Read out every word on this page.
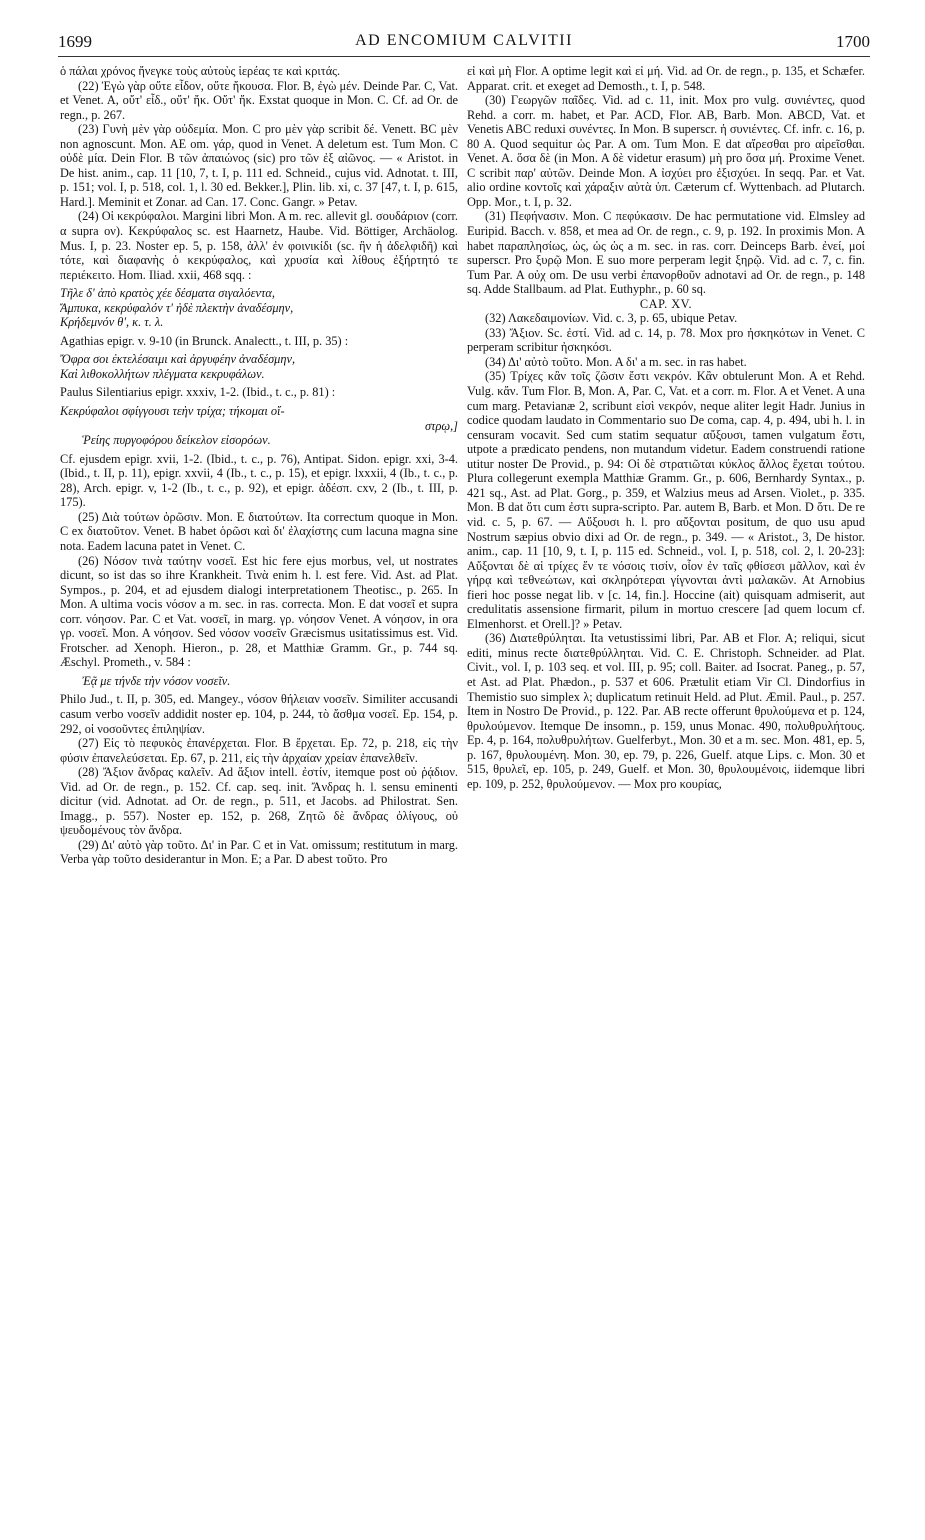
1699	AD ENCOMIUM CALVITII	1700
ὁ πάλαι χρόνος ἤνεγκε τοὺς αὐτοὺς ἱερέας τε καὶ κριτάς.
(22) Ἐγὼ γὰρ οὔτε εἶδον, οὔτε ἤκουσα. Flor. B, ἐγὼ μέν. Deinde Par. C, Vat. et Venet. A, οὔτ' εἶδ., οὔτ' ἤκ. Οὔτ' ἤκ. Exstat quoque in Mon. C. Cf. ad Or. de regn., p. 267.
(23) Γυνὴ μὲν γὰρ οὐδεμία. Mon. C pro μὲν γὰρ scribit δέ. Venett. BC μὲν non agnoscunt. Mon. AE om. γάρ, quod in Venet. A deletum est. Tum Mon. C οὐδὲ μία. Dein Flor. B τῶν ἀπαιώνος (sic) pro τῶν ἐξ αἰῶνος. — « Aristot. in De hist. anim., cap. 11 [10, 7, t. I, p. 111 ed. Schneid., cujus vid. Adnotat. t. III, p. 151; vol. I, p. 518, col. 1, l. 30 ed. Bekker.], Plin. lib. xi, c. 37 [47, t. I, p. 615, Hard.]. Meminit et Zonar. ad Can. 17. Conc. Gangr. » Petav.
(24) Οἱ κεκρύφαλοι. Margini libri Mon. A m. rec. allevit gl. σουδάριον (corr. α supra ον). Κεκρύφαλος sc. est Haarnetz, Haube. Vid. Böttiger, Archäolog. Mus. I, p. 23. Noster ep. 5, p. 158, ἀλλ' ἐν φοινικίδι (sc. ἣν ἡ ἀδελφιδῆ) καὶ τότε, καὶ διαφανὴς ὁ κεκρύφαλος, καὶ χρυσία καὶ λίθους ἐξήρτητό τε περιέκειτο. Hom. Iliad. xxii, 468 sqq. :
Τῆλε δ' ἀπὸ κρατὸς χέε δέσματα σιγαλόεντα,
Ἄμπυκα, κεκρύφαλόν τ' ἠδὲ πλεκτὴν ἀναδέσμην,
Κρήδεμνόν θ', κ. τ. λ.
Agathias epigr. v. 9-10 (in Brunck. Analectt., t. III, p. 35) :
Ὄφρα σοι ἐκτελέσαιμι καὶ ἀργυφέην ἀναδέσμην,
Καὶ λιθοκολλήτων πλέγματα κεκρυφάλων.
Paulus Silentiarius epigr. xxxiv, 1-2. (Ibid., t. c., p. 81) :
Κεκρύφαλοι σφίγγουσι τεὴν τρίχα; τήκομαι οἴ-
στρῳ,]
Ῥείης πυργοφόρου δείκελον εἰσορόων.
Cf. ejusdem epigr. xvii, 1-2. (Ibid., t. c., p. 76), Antipat. Sidon. epigr. xxi, 3-4. (Ibid., t. II, p. 11), epigr. xxvii, 4 (Ib., t. c., p. 15), et epigr. lxxxii, 4 (Ib., t. c., p. 28), Arch. epigr. v, 1-2 (Ib., t. c., p. 92), et epigr. ἀδέσπ. cxv, 2 (Ib., t. III, p. 175).
(25) Διὰ τούτων ὁρῶσιν. Mon. E διατούτων. Ita correctum quoque in Mon. C ex διατοῦτον. Venet. B habet ὁρῶσι καὶ δι' ἐλαχίστης cum lacuna magna sine nota. Eadem lacuna patet in Venet. C.
(26) Νόσον τινὰ ταύτην νοσεῖ. Est hic fere ejus morbus, vel, ut nostrates dicunt, so ist das so ihre Krankheit. Τινὰ enim h. l. est fere. Vid. Ast. ad Plat. Sympos., p. 204, et ad ejusdem dialogi interpretationem Theotisc., p. 265. In Mon. A ultima vocis νόσον a m. sec. in ras. correcta. Mon. E dat νοσεῖ et supra corr. νόησον. Par. C et Vat. νοσεῖ, in marg. γρ. νόησον Venet. A νόησον, in ora γρ. νοσεῖ. Mon. A νόησον. Sed νόσον νοσεῖν Græcismus usitatissimus est. Vid. Frotscher. ad Xenoph. Hieron., p. 28, et Matthiæ Gramm. Gr., p. 744 sq. Æschyl. Prometh., v. 584 :
Ἐᾷ με τήνδε τὴν νόσον νοσεῖν.
Philo Jud., t. II, p. 305, ed. Mangey., νόσον θήλειαν νοσεῖν. Similiter accusandi casum verbo νοσεῖν addidit noster ep. 104, p. 244, τὸ ἄσθμα νοσεῖ. Ep. 154, p. 292, οἱ νοσοῦντες ἐπιληψίαν.
(27) Εἰς τὸ πεφυκὸς ἐπανέρχεται. Flor. B ἔρχεται. Ep. 72, p. 218, εἰς τὴν φύσιν ἐπανελεύσεται. Ep. 67, p. 211, εἰς τὴν ἀρχαίαν χρείαν ἐπανελθεῖν.
(28) Ἄξιον ἄνδρας καλεῖν. Ad ἄξιον intell. ἐστίν, itemque post οὐ ῥᾴδιον. Vid. ad Or. de regn., p. 152. Cf. cap. seq. init. Ἄνδρας h. l. sensu eminenti dicitur (vid. Adnotat. ad Or. de regn., p. 511, et Jacobs. ad Philostrat. Sen. Imagg., p. 557). Noster ep. 152, p. 268, Ζητῶ δὲ ἄνδρας ὀλίγους, οὐ ψευδομένους τὸν ἄνδρα.
(29) Δι' αὐτὸ γὰρ τοῦτο. Δι' in Par. C et in Vat. omissum; restitutum in marg. Verba γὰρ τοῦτο desiderantur in Mon. E; a Par. D abest τοῦτο. Pro
εἰ καὶ μὴ Flor. A optime legit καὶ εἰ μή. Vid. ad Or. de regn., p. 135, et Schæfer. Apparat. crit. et exeget ad Demosth., t. I, p. 548.
(30) Γεωργῶν παῖδες. Vid. ad c. 11, init. Mox pro vulg. συνιέντες, quod Rehd. a corr. m. habet, et Par. ACD, Flor. AB, Barb. Mon. ABCD, Vat. et Venetis ABC reduxi συνέντες. In Mon. B superscr. ἡ συνιέντες. Cf. infr. c. 16, p. 80 A. Quod sequitur ὡς Par. A om. Tum Mon. E dat αἴρεσθαι pro αἰρεῖσθαι. Venet. A. ὅσα δὲ (in Mon. A δὲ videtur erasum) μὴ pro ὅσα μή. Proxime Venet. C scribit παρ' αὐτῶν. Deinde Mon. A ἰσχύει pro ἐξισχύει. In seqq. Par. et Vat. alio ordine κοντοῖς καὶ χάραξιν αὐτὰ ὑπ. Cæterum cf. Wyttenbach. ad Plutarch. Opp. Mor., t. I, p. 32.
(31) Πεφήνασιν. Mon. C πεφύκασιν. De hac permutatione vid. Elmsley ad Euripid. Bacch. v. 858, et mea ad Or. de regn., c. 9, p. 192. In proximis Mon. A habet παραπλησίως, ὡς, ὡς ὡς a m. sec. in ras. corr. Deinceps Barb. ἐνεί, μοί superscr. Pro ξυρῷ Mon. E suo more perperam legit ξηρῷ. Vid. ad c. 7, c. fin. Tum Par. A οὐχ om. De usu verbi ἐπανορθοῦν adnotavi ad Or. de regn., p. 148 sq. Adde Stallbaum. ad Plat. Euthyphr., p. 60 sq.
CAP. XV.
(32) Λακεδαιμονίων. Vid. c. 3, p. 65, ubique Petav.
(33) Ἄξιον. Sc. ἐστί. Vid. ad c. 14, p. 78. Mox pro ἠσκηκότων in Venet. C perperam scribitur ἠσκηκόσι.
(34) Δι' αὐτὸ τοῦτο. Mon. A δι' a m. sec. in ras habet.
(35) Τρίχες κἂν τοῖς ζῶσιν ἔστι νεκρόν. Κἂν obtulerunt Mon. A et Rehd. Vulg. κἄν. Tum Flor. B, Mon. A, Par. C, Vat. et a corr. m. Flor. A et Venet. A una cum marg. Petavianæ 2, scribunt εἰσὶ νεκρόν, neque aliter legit Hadr. Junius in codice quodam laudato in Commentario suo De coma, cap. 4, p. 494, ubi h. l. in censuram vocavit. Sed cum statim sequatur αὔξουσι, tamen vulgatum ἔστι, utpote a prædicato pendens, non mutandum videtur. Eadem construendi ratione utitur noster De Provid., p. 94: Οἱ δὲ στρατιῶται κύκλος ἄλλος ἔχεται τούτου. Plura collegerunt exempla Matthiæ Gramm. Gr., p. 606, Bernhardy Syntax., p. 421 sq., Ast. ad Plat. Gorg., p. 359, et Walzius meus ad Arsen. Violet., p. 335. Mon. B dat ὅτι cum ἐστι supra-scripto. Par. autem B, Barb. et Mon. D ὅτι. De re vid. c. 5, p. 67. — Αὔξουσι h. l. pro αὔξονται positum, de quo usu apud Nostrum sæpius obvio dixi ad Or. de regn., p. 349. — « Aristot., 3, De histor. anim., cap. 11 [10, 9, t. I, p. 115 ed. Schneid., vol. I, p. 518, col. 2, l. 20-23]: Αὔξονται δὲ αἱ τρίχες ἔν τε νόσοις τισίν, οἷον ἐν ταῖς φθίσεσι μᾶλλον, καὶ ἐν γήρᾳ καὶ τεθνεώτων, καὶ σκληρότεραι γίγνονται ἀντὶ μαλακῶν. At Arnobius fieri hoc posse negat lib. v [c. 14, fin.]. Hoccine (ait) quisquam admiserit, aut credulitatis assensione firmarit, pilum in mortuo crescere [ad quem locum cf. Elmenhorst. et Orell.]? » Petav.
(36) Διατεθρύληται. Ita vetustissimi libri, Par. AB et Flor. A; reliqui, sicut editi, minus recte διατεθρύλληται. Vid. C. E. Christoph. Schneider. ad Plat. Civit., vol. I, p. 103 seq. et vol. III, p. 95; coll. Baiter. ad Isocrat. Paneg., p. 57, et Ast. ad Plat. Phædon., p. 537 et 606. Prætulit etiam Vir Cl. Dindorfius in Themistio suo simplex λ; duplicatum retinuit Held. ad Plut. Æmil. Paul., p. 257. Item in Nostro De Provid., p. 122. Par. AB recte offerunt θρυλούμενα et p. 124, θρυλούμενον. Itemque De insomn., p. 159, unus Monac. 490, πολυθρυλήτους. Ep. 4, p. 164, πολυθρυλήτων. Guelferbyt., Mon. 30 et a m. sec. Mon. 481, ep. 5, p. 167, θρυλουμένη. Mon. 30, ep. 79, p. 226, Guelf. atque Lips. c. Mon. 30 et 515, θρυλεῖ, ep. 105, p. 249, Guelf. et Mon. 30, θρυλουμένοις, iidemque libri ep. 109, p. 252, θρυλούμενον. — Mox pro κουρίας,
